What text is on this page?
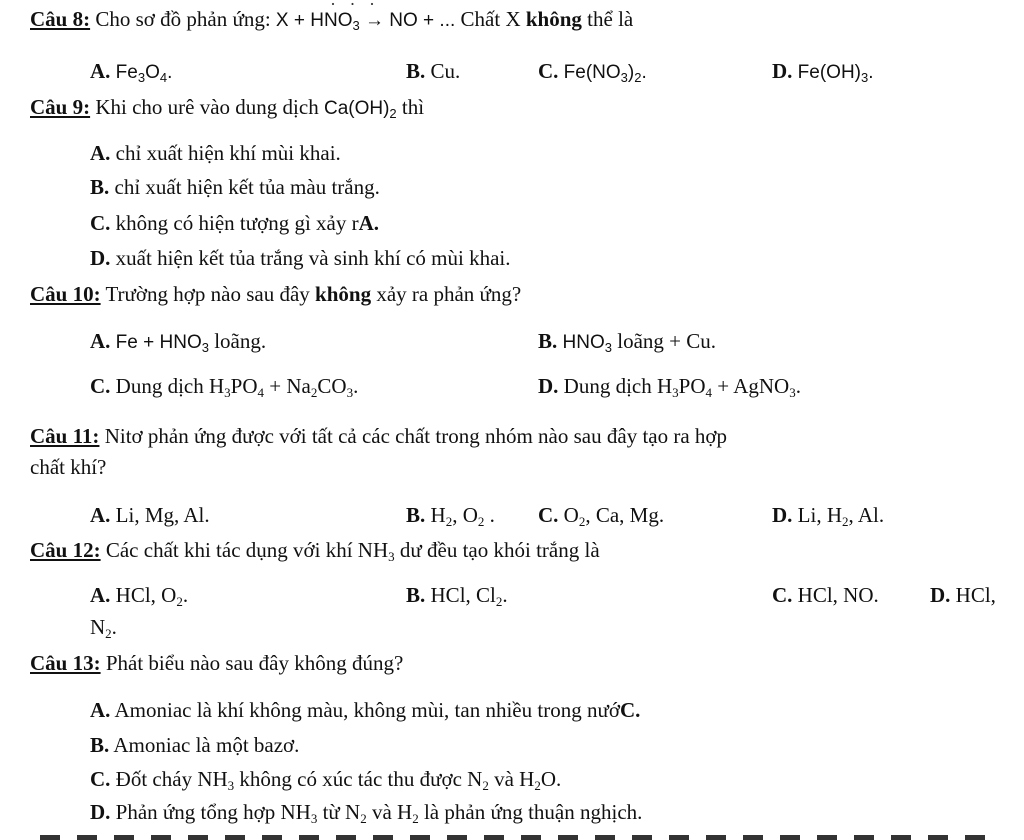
·   ·   ·
▬ ▬ ▬ ▬ ▬ ▬ ▬ ▬ ▬ ▬ ▬ ▬ ▬ ▬ ▬ ▬ ▬ ▬ ▬ ▬ ▬ ▬ ▬ ▬ ▬ ▬
Câu 8: Cho sơ đồ phản ứng: $X + HNO_3$ → NO + ... Chất X không thể là
A. $Fe_3O_4$.	B. Cu.	C. $Fe(NO_3)_2$.	D. $Fe(OH)_3$.
Câu 9: Khi cho urê vào dung dịch $Ca(OH)_2$ thì
A. chỉ xuất hiện khí mùi khai.
B. chỉ xuất hiện kết tủa màu trắng.
C. không có hiện tượng gì xảy rA.
D. xuất hiện kết tủa trắng và sinh khí có mùi khai.
Câu 10: Trường hợp nào sau đây không xảy ra phản ứng?
A. $Fe + HNO_3$ loãng.	B. $HNO_3$ loãng + Cu.
C. Dung dịch $H_3PO_4 + Na_2CO_3$.	D. Dung dịch $H_3PO_4$ + AgNO$_3$.
Câu 11: Nitơ phản ứng được với tất cả các chất trong nhóm nào sau đây tạo ra hợp
chất khí?
A. Li, Mg, Al.	B. $H_2$, $O_2$ . C. $O_2$, Ca, Mg.	D. Li, $H_2$, Al.
Câu 12: Các chất khi tác dụng với khí $NH_3$ dư đều tạo khói trắng là
A. HCl, $O_2$.	B. HCl, $Cl_2$.	C. HCl, NO. D. HCl,
$N_2$.
Câu 13: Phát biểu nào sau đây không đúng?
A. Amoniac là khí không màu, không mùi, tan nhiều trong nướC.
B. Amoniac là một bazơ.
C. Đốt cháy $NH_3$ không có xúc tác thu được $N_2$ và $H_2O$.
D. Phản ứng tổng hợp $NH_3$ từ $N_2$ và $H_2$ là phản ứng thuận nghịch.
